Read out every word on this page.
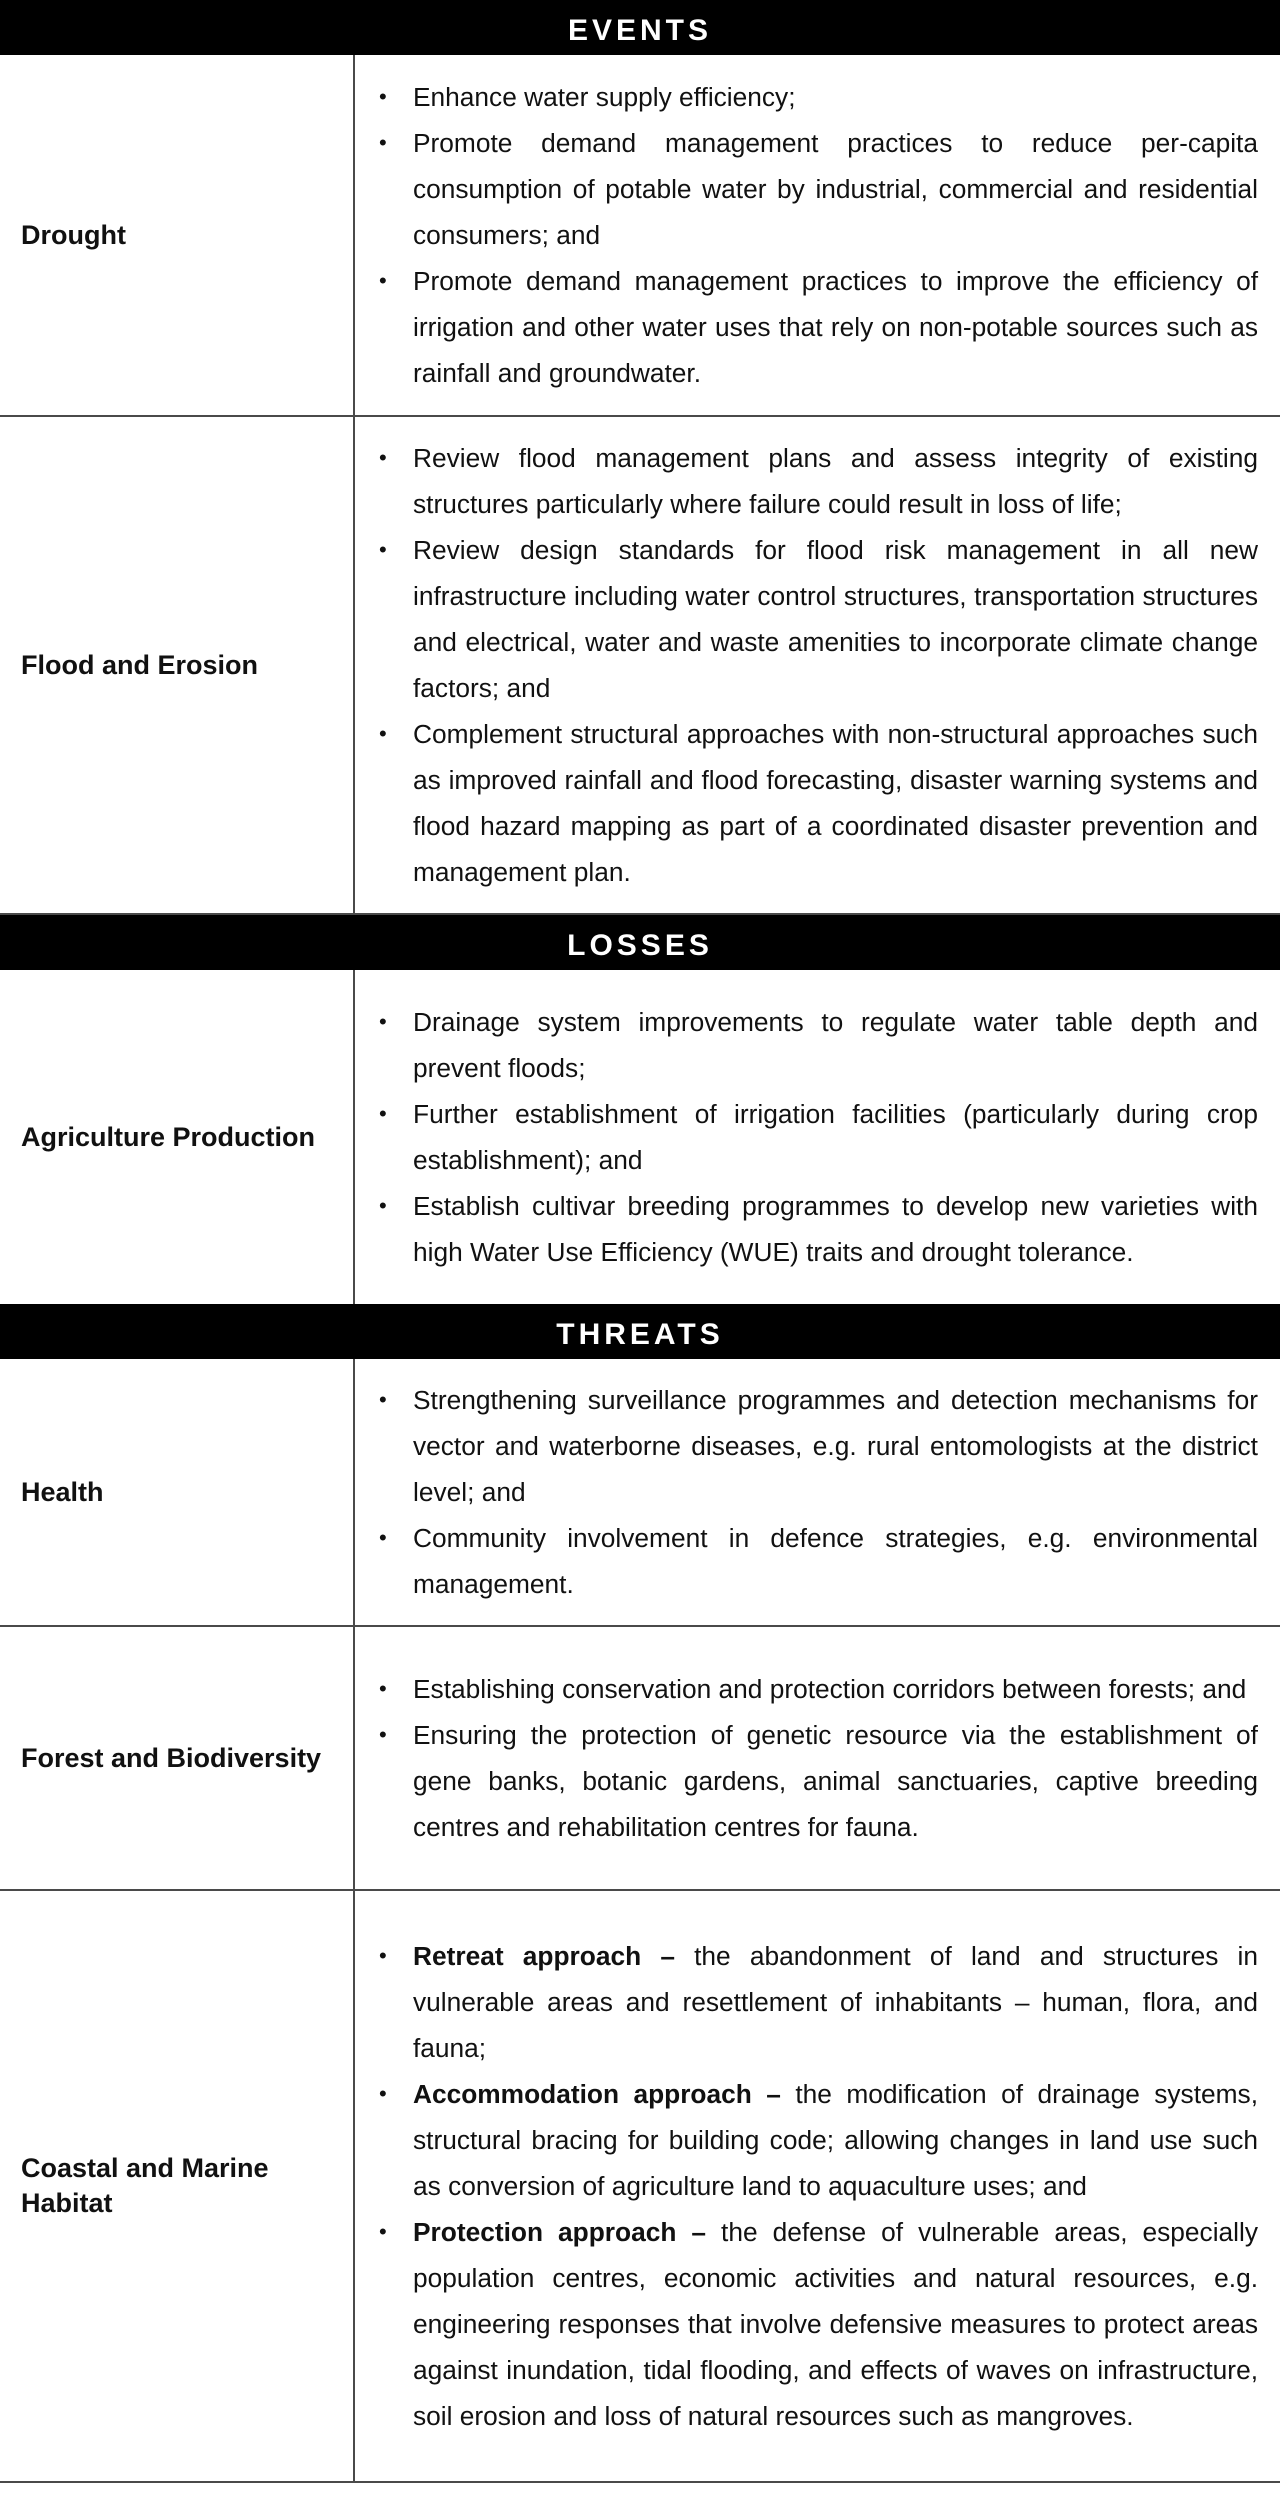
EVENTS
Drought
• Enhance water supply efficiency;
• Promote demand management practices to reduce per-capita consumption of potable water by industrial, commercial and residential consumers; and
• Promote demand management practices to improve the efficiency of irrigation and other water uses that rely on non-potable sources such as rainfall and groundwater.
Flood and Erosion
• Review flood management plans and assess integrity of existing structures particularly where failure could result in loss of life;
• Review design standards for flood risk management in all new infrastructure including water control structures, transportation structures and electrical, water and waste amenities to incorporate climate change factors; and
• Complement structural approaches with non-structural approaches such as improved rainfall and flood forecasting, disaster warning systems and flood hazard mapping as part of a coordinated disaster prevention and management plan.
LOSSES
Agriculture Production
• Drainage system improvements to regulate water table depth and prevent floods;
• Further establishment of irrigation facilities (particularly during crop establishment); and
• Establish cultivar breeding programmes to develop new varieties with high Water Use Efficiency (WUE) traits and drought tolerance.
THREATS
Health
• Strengthening surveillance programmes and detection mechanisms for vector and waterborne diseases, e.g. rural entomologists at the district level; and
• Community involvement in defence strategies, e.g. environmental management.
Forest and Biodiversity
• Establishing conservation and protection corridors between forests; and
• Ensuring the protection of genetic resource via the establishment of gene banks, botanic gardens, animal sanctuaries, captive breeding centres and rehabilitation centres for fauna.
Coastal and Marine Habitat
• Retreat approach – the abandonment of land and structures in vulnerable areas and resettlement of inhabitants – human, flora, and fauna;
• Accommodation approach – the modification of drainage systems, structural bracing for building code; allowing changes in land use such as conversion of agriculture land to aquaculture uses; and
• Protection approach – the defense of vulnerable areas, especially population centres, economic activities and natural resources, e.g. engineering responses that involve defensive measures to protect areas against inundation, tidal flooding, and effects of waves on infrastructure, soil erosion and loss of natural resources such as mangroves.
